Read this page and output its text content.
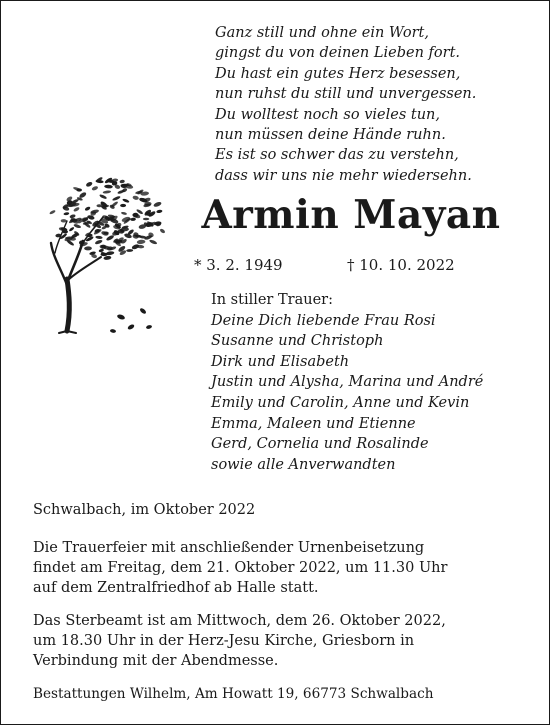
Ganz still und ohne ein Wort,
gingst du von deinen Lieben fort.
Du hast ein gutes Herz besessen,
nun ruhst du still und unvergessen.
Du wolltest noch so vieles tun,
nun müssen deine Hände ruhn.
Es ist so schwer das zu verstehn,
dass wir uns nie mehr wiedersehn.
Armin Mayan
* 3. 2. 1949	† 10. 10. 2022
In stiller Trauer:
Deine Dich liebende Frau Rosi
Susanne und Christoph
Dirk und Elisabeth
Justin und Alysha, Marina und André
Emily und Carolin, Anne und Kevin
Emma, Maleen und Etienne
Gerd, Cornelia und Rosalinde
sowie alle Anverwandten
Schwalbach, im Oktober 2022
Die Trauerfeier mit anschließender Urnenbeisetzung
findet am Freitag, dem 21. Oktober 2022, um 11.30 Uhr
auf dem Zentralfriedhof ab Halle statt.
Das Sterbeamt ist am Mittwoch, dem 26. Oktober 2022,
um 18.30 Uhr in der Herz-Jesu Kirche, Griesborn in
Verbindung mit der Abendmesse.
Bestattungen Wilhelm, Am Howatt 19, 66773 Schwalbach
